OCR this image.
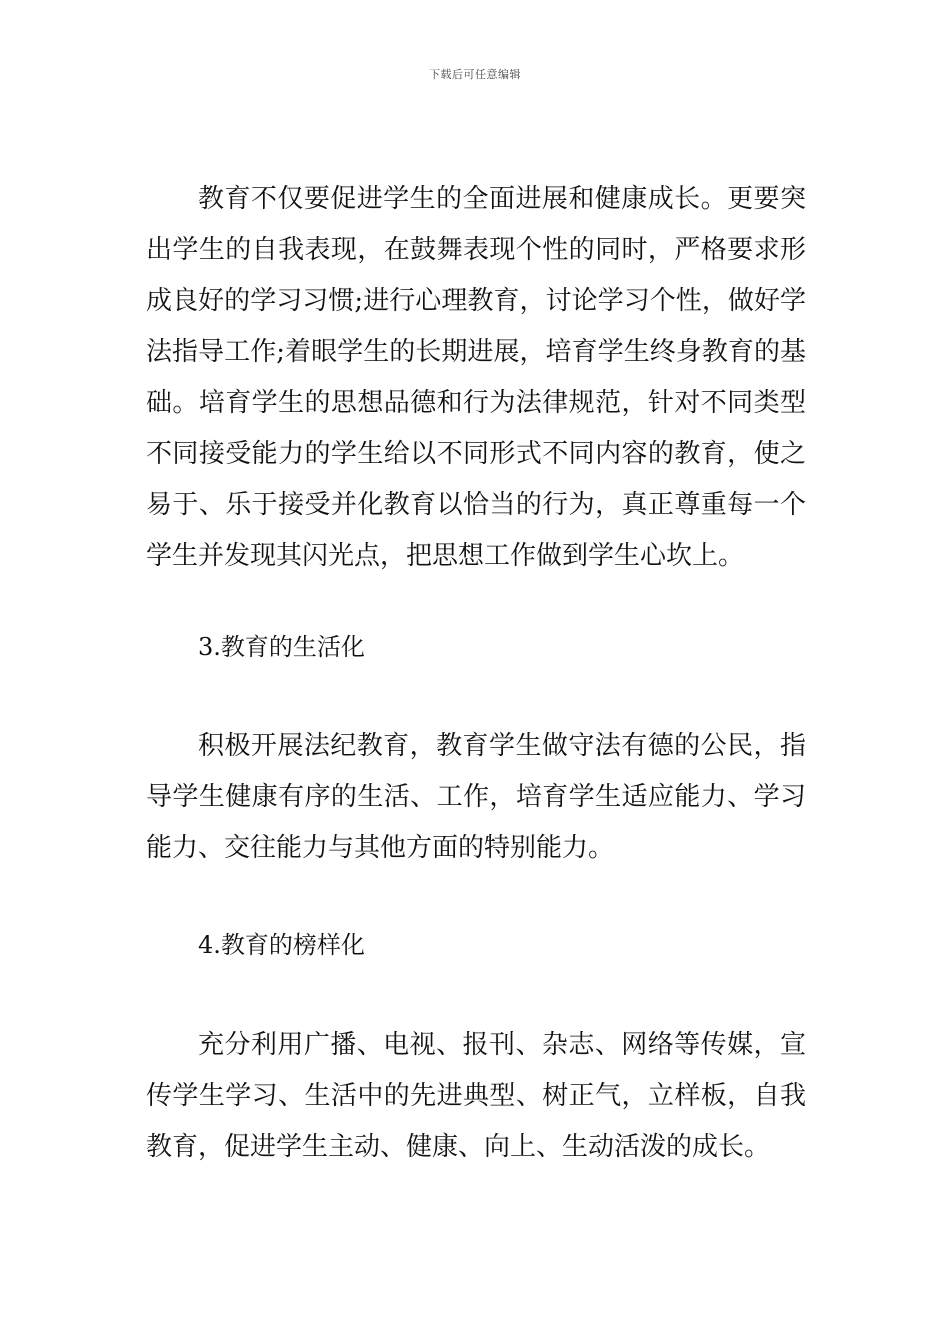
下载后可任意编辑

教育不仅要促进学生的全面进展和健康成长。更要突出学生的自我表现，在鼓舞表现个性的同时，严格要求形成良好的学习习惯;进行心理教育，讨论学习个性，做好学法指导工作;着眼学生的长期进展，培育学生终身教育的基础。培育学生的思想品德和行为法律规范，针对不同类型不同接受能力的学生给以不同形式不同内容的教育，使之易于、乐于接受并化教育以恰当的行为，真正尊重每一个学生并发现其闪光点，把思想工作做到学生心坎上。

3.教育的生活化

积极开展法纪教育，教育学生做守法有德的公民，指导学生健康有序的生活、工作，培育学生适应能力、学习能力、交往能力与其他方面的特别能力。

4.教育的榜样化

充分利用广播、电视、报刊、杂志、网络等传媒，宣传学生学习、生活中的先进典型、树正气，立样板，自我教育，促进学生主动、健康、向上、生动活泼的成长。
